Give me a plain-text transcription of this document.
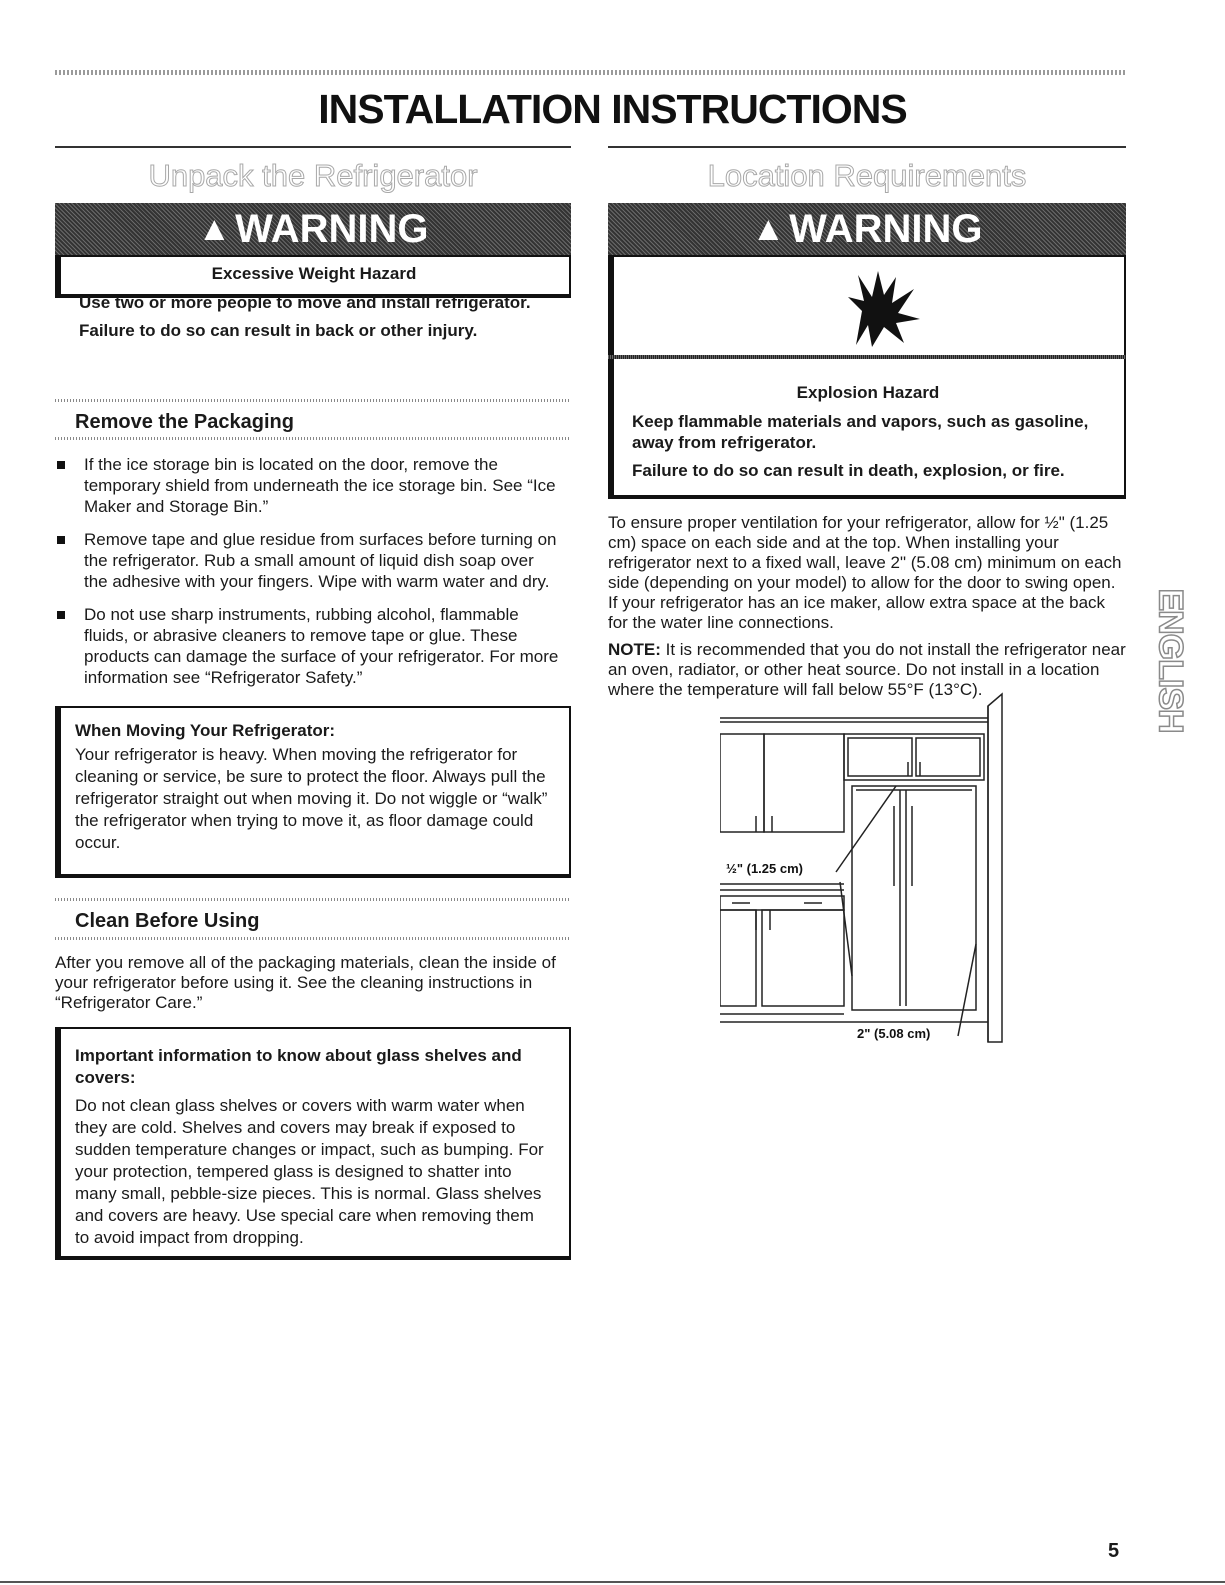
INSTALLATION INSTRUCTIONS
Unpack the Refrigerator
▲ WARNING
Excessive Weight Hazard

Use two or more people to move and install refrigerator.

Failure to do so can result in back or other injury.

Remove the Packaging
If the ice storage bin is located on the door, remove the temporary shield from underneath the ice storage bin. See “Ice Maker and Storage Bin.”
Remove tape and glue residue from surfaces before turning on the refrigerator. Rub a small amount of liquid dish soap over the adhesive with your fingers. Wipe with warm water and dry.
Do not use sharp instruments, rubbing alcohol, flammable fluids, or abrasive cleaners to remove tape or glue. These products can damage the surface of your refrigerator. For more information see “Refrigerator Safety.”
When Moving Your Refrigerator:

Your refrigerator is heavy. When moving the refrigerator for cleaning or service, be sure to protect the floor. Always pull the refrigerator straight out when moving it. Do not wiggle or “walk” the refrigerator when trying to move it, as floor damage could occur.

Clean Before Using

After you remove all of the packaging materials, clean the inside of your refrigerator before using it. See the cleaning instructions in “Refrigerator Care.”

Important information to know about glass shelves and covers:

Do not clean glass shelves or covers with warm water when they are cold. Shelves and covers may break if exposed to sudden temperature changes or impact, such as bumping. For your protection, tempered glass is designed to shatter into many small, pebble-size pieces. This is normal. Glass shelves and covers are heavy. Use special care when removing them to avoid impact from dropping.

Location Requirements
▲ WARNING
Explosion Hazard

Keep flammable materials and vapors, such as gasoline, away from refrigerator.

Failure to do so can result in death, explosion, or fire.

To ensure proper ventilation for your refrigerator, allow for ½" (1.25 cm) space on each side and at the top. When installing your refrigerator next to a fixed wall, leave 2" (5.08 cm) minimum on each side (depending on your model) to allow for the door to swing open. If your refrigerator has an ice maker, allow extra space at the back for the water line connections.

NOTE: It is recommended that you do not install the refrigerator near an oven, radiator, or other heat source. Do not install in a location where the temperature will fall below 55°F (13°C).

½" (1.25 cm)
2" (5.08 cm)
ENGLISH
5
